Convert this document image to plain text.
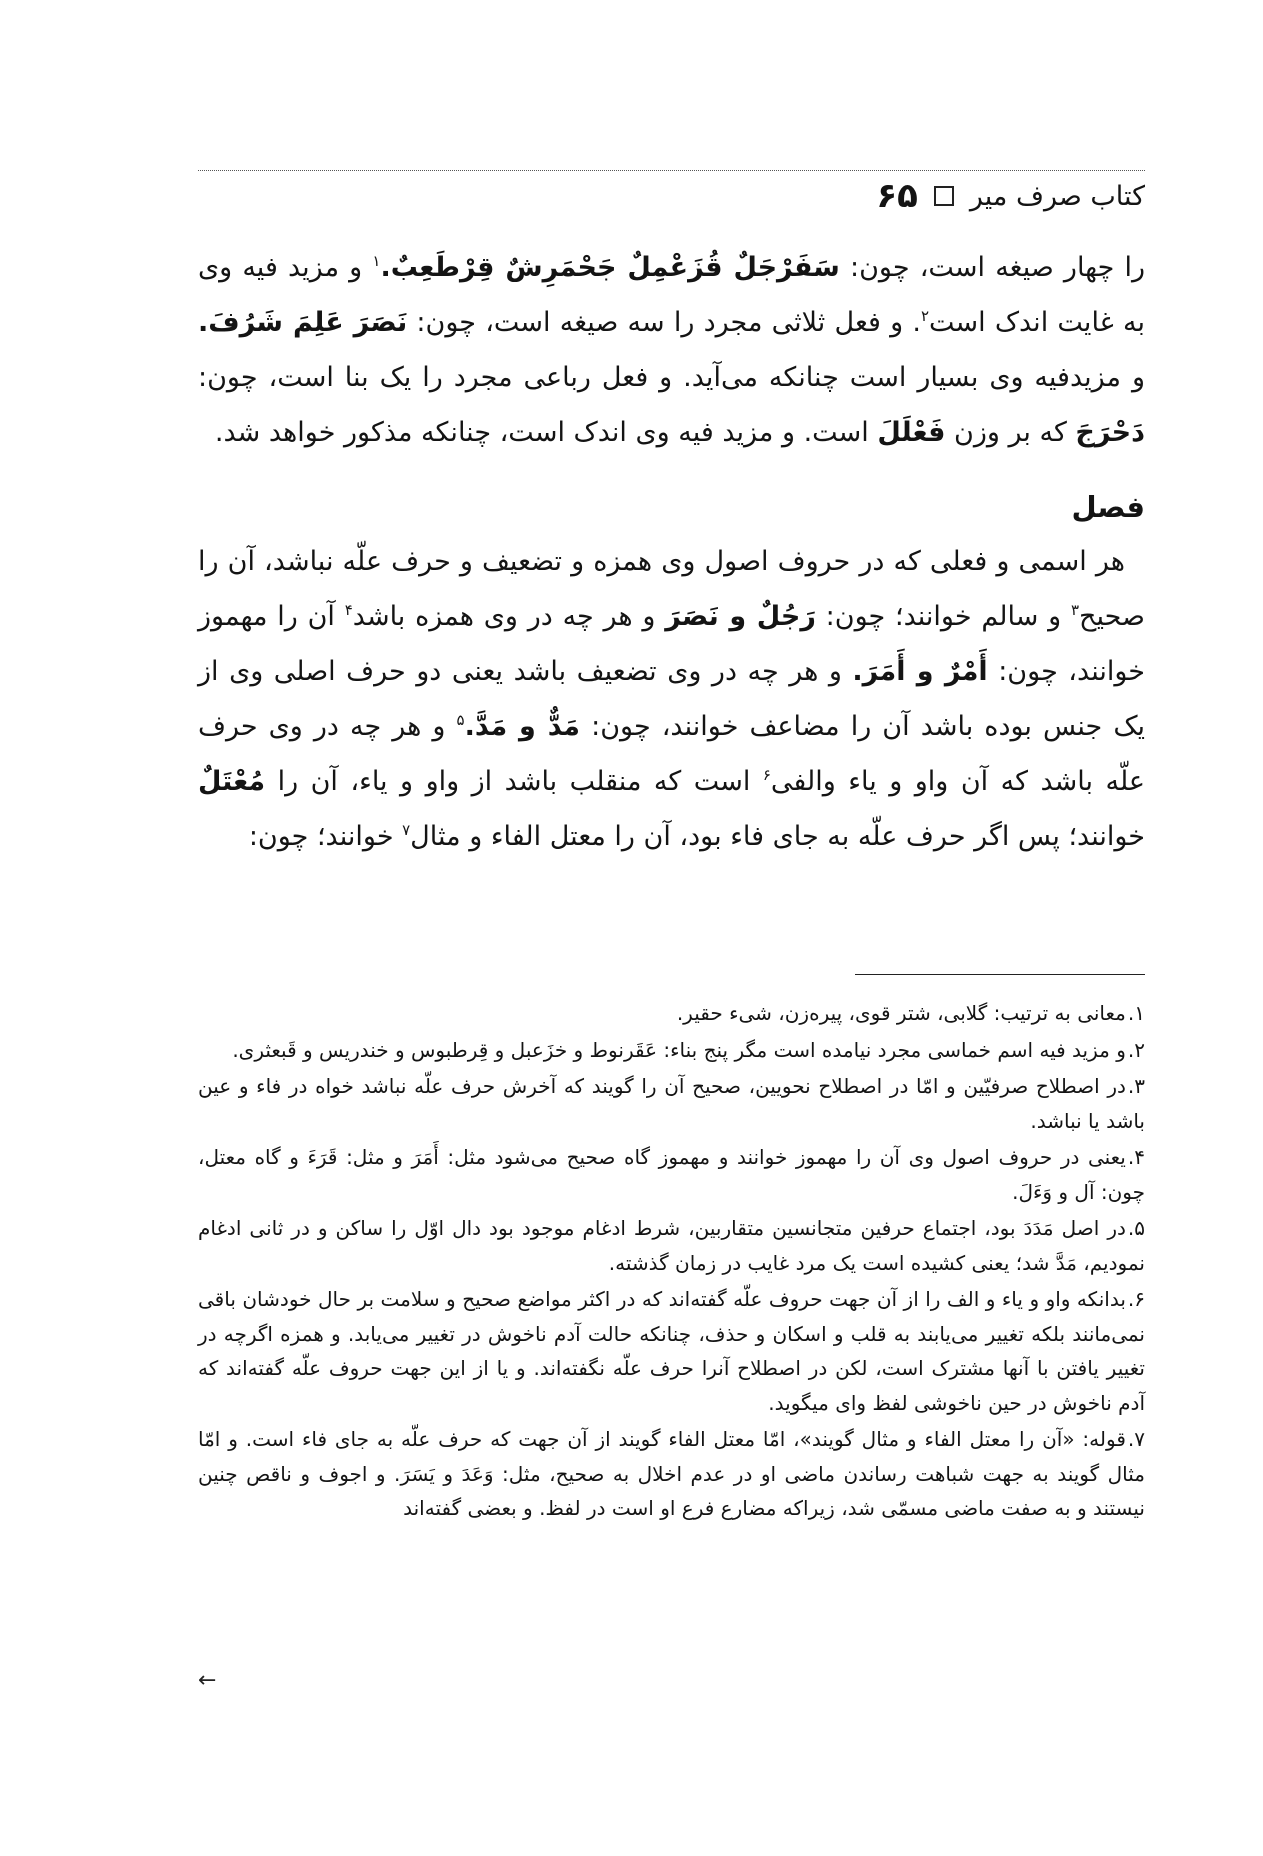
کتاب صرف میر
۶۵

را چهار صیغه است، چون: سَفَرْجَلٌ قُزَعْمِلٌ جَحْمَرِشٌ قِرْطَعِبٌ.$^۱$ و مزید فیه وی به غایت اندک است$^۲$. و فعل ثلاثی مجرد را سه صیغه است، چون: نَصَرَ عَلِمَ شَرُفَ. و مزیدفیه وی بسیار است چنانکه می‌آید. و فعل رباعی مجرد را یک بنا است، چون: دَحْرَجَ که بر وزن فَعْلَلَ است. و مزید فیه وی اندک است، چنانکه مذکور خواهد شد.

فصل

هر اسمی و فعلی که در حروف اصول وی همزه و تضعیف و حرف علّه نباشد، آن را صحیح$^۳$ و سالم خوانند؛ چون: رَجُلٌ و نَصَرَ و هر چه در وی همزه باشد$^۴$ آن را مهموز خوانند، چون: أَمْرٌ و أَمَرَ. و هر چه در وی تضعیف باشد یعنی دو حرف اصلی وی از یک جنس بوده باشد آن را مضاعف خوانند، چون: مَدٌّ و مَدَّ.$^۵$ و هر چه در وی حرف علّه باشد که آن واو و یاء والفی$^۶$ است که منقلب باشد از واو و یاء، آن را مُعْتَلٌ خوانند؛ پس اگر حرف علّه به جای فاء بود، آن را معتل الفاء و مثال$^۷$ خوانند؛ چون:

۱.معانی به ترتیب: گلابی، شتر قوی، پیره‌زن، شیء حقیر.

۲.و مزید فیه اسم خماسی مجرد نیامده است مگر پنج بناء: عَقَرنوط و خزَعبل و قِرطبوس و خندریس و قَبعثری.

۳.در اصطلاح صرفیّین و امّا در اصطلاح نحویین، صحیح آن را گویند که آخرش حرف علّه نباشد خواه در فاء و عین باشد یا نباشد.

۴.یعنی در حروف اصول وی آن را مهموز خوانند و مهموز گاه صحیح می‌شود مثل: أَمَرَ و مثل: قَرَءَ و گاه معتل، چون: آل و وَءَلَ.

۵.در اصل مَدَدَ بود، اجتماع حرفین متجانسین متقاربین، شرط ادغام موجود بود دال اوّل را ساکن و در ثانی ادغام نمودیم، مَدَّ شد؛ یعنی کشیده است یک مرد غایب در زمان گذشته.

۶.بدانکه واو و یاء و الف را از آن جهت حروف علّه گفته‌اند که در اکثر مواضع صحیح و سلامت بر حال خودشان باقی نمی‌مانند بلکه تغییر می‌یابند به قلب و اسکان و حذف، چنانکه حالت آدم ناخوش در تغییر می‌یابد. و همزه اگرچه در تغییر یافتن با آنها مشترک است، لکن در اصطلاح آنرا حرف علّه نگفته‌اند. و یا از این جهت حروف علّه گفته‌اند که آدم ناخوش در حین ناخوشی لفظ وای میگوید.

۷.قوله: «آن را معتل الفاء و مثال گویند»، امّا معتل الفاء گویند از آن جهت که حرف علّه به جای فاء است. و امّا مثال گویند به جهت شباهت رساندن ماضی او در عدم اخلال به صحیح، مثل: وَعَدَ و یَسَرَ. و اجوف و ناقص چنین نیستند و به صفت ماضی مسمّی شد، زیراکه مضارع فرع او است در لفظ. و بعضی گفته‌اند

←
